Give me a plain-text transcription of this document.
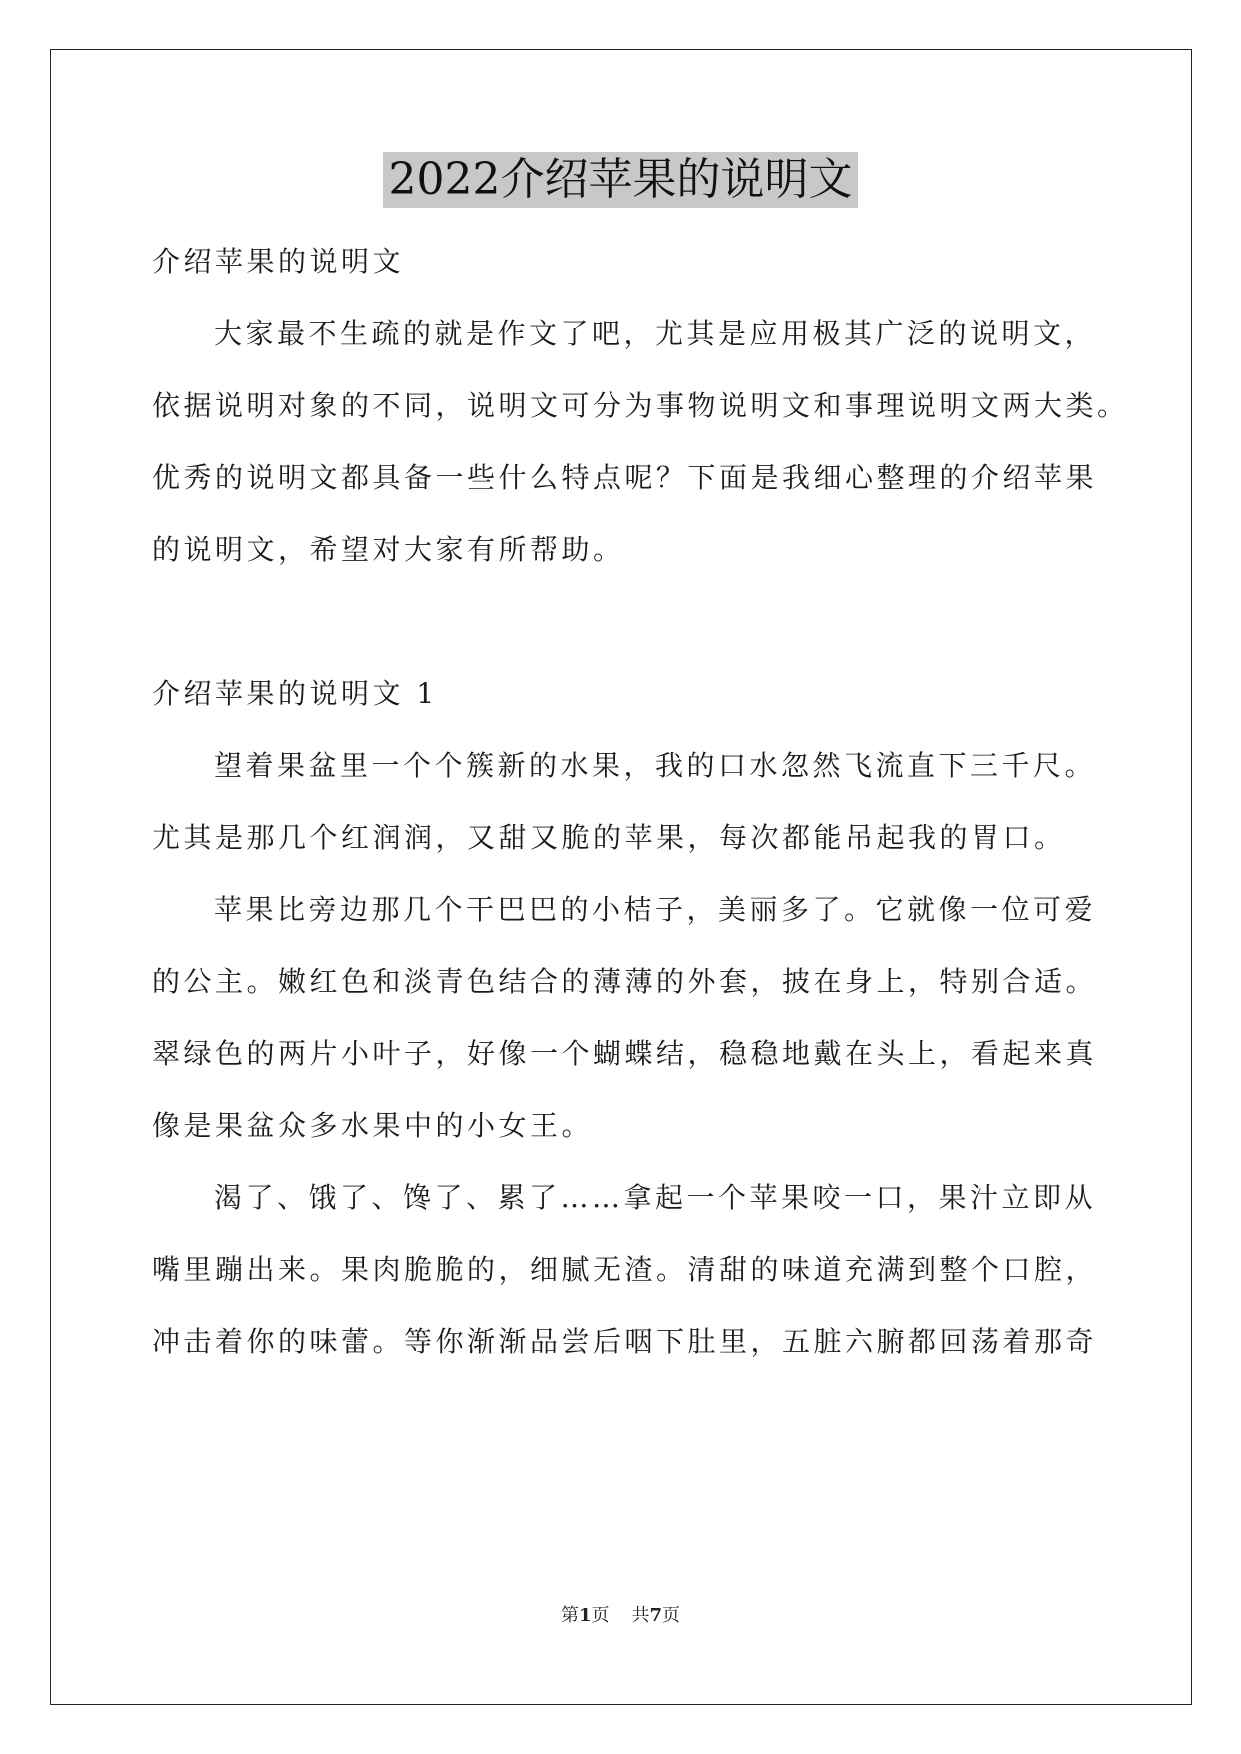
2022介绍苹果的说明文
介绍苹果的说明文
大家最不生疏的就是作文了吧，尤其是应用极其广泛的说明文，
依据说明对象的不同，说明文可分为事物说明文和事理说明文两大类。
优秀的说明文都具备一些什么特点呢？下面是我细心整理的介绍苹果
的说明文，希望对大家有所帮助。
介绍苹果的说明文 1
望着果盆里一个个簇新的水果，我的口水忽然飞流直下三千尺。
尤其是那几个红润润，又甜又脆的苹果，每次都能吊起我的胃口。
苹果比旁边那几个干巴巴的小桔子，美丽多了。它就像一位可爱
的公主。嫩红色和淡青色结合的薄薄的外套，披在身上，特别合适。
翠绿色的两片小叶子，好像一个蝴蝶结，稳稳地戴在头上，看起来真
像是果盆众多水果中的小女王。
渴了、饿了、馋了、累了……拿起一个苹果咬一口，果汁立即从
嘴里蹦出来。果肉脆脆的，细腻无渣。清甜的味道充满到整个口腔，
冲击着你的味蕾。等你渐渐品尝后咽下肚里，五脏六腑都回荡着那奇
第1页 共7页
